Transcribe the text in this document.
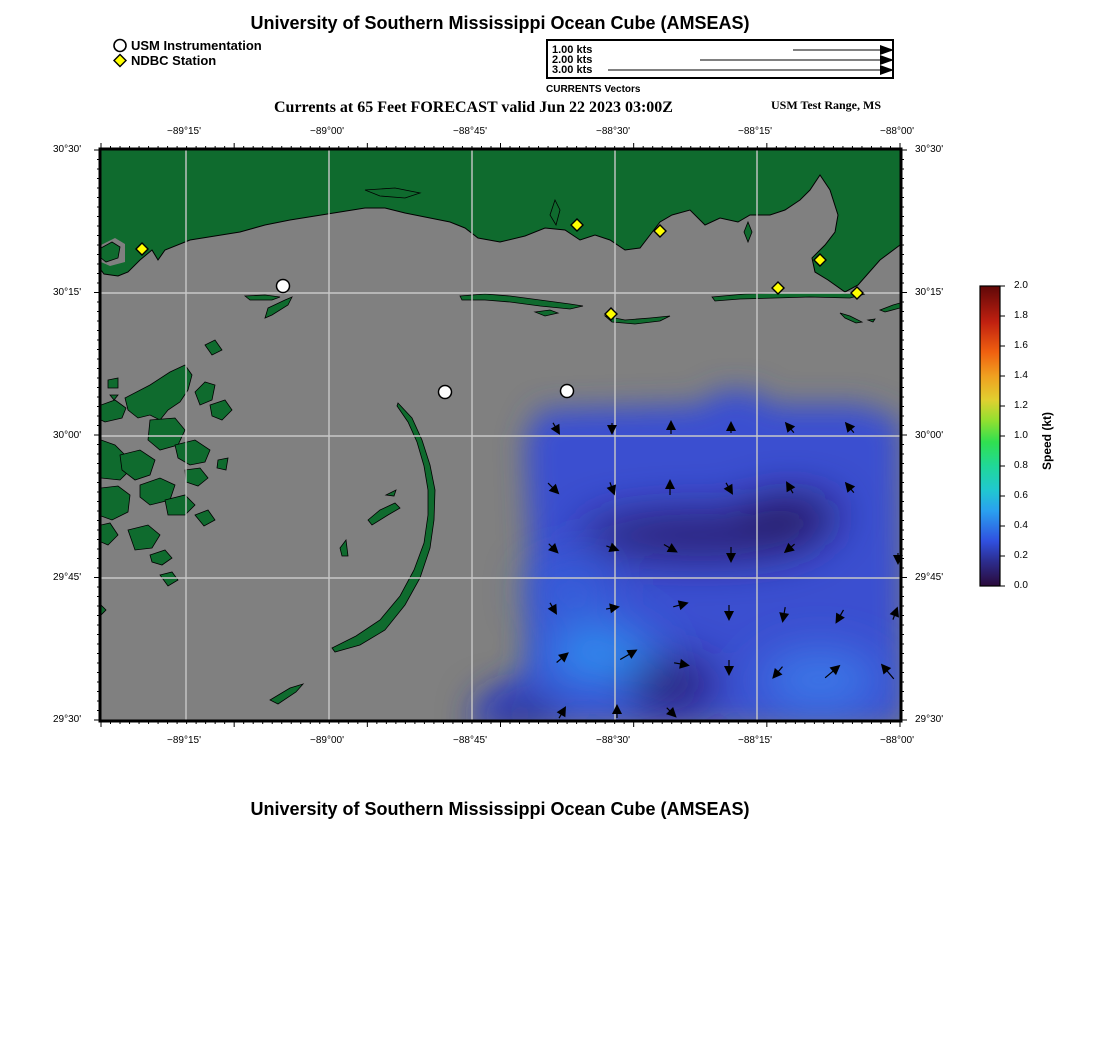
University of Southern Mississippi Ocean Cube (AMSEAS)
USM Instrumentation
NDBC Station
1.00 kts
2.00 kts
3.00 kts
CURRENTS Vectors
Currents at 65 Feet FORECAST valid Jun 22 2023 03:00Z	USM Test Range, MS
−89°15'	−89°00'	−88°45'	−88°30'	−88°15'	−88°00'
−89°15'	−89°00'	−88°45'	−88°30'	−88°15'	−88°00'
30°30'
30°15'
30°00'
29°45'
29°30'
30°30'
30°15'
30°00'
29°45'
29°30'
2.0
1.8
1.6
1.4
1.2
1.0
0.8
0.6
0.4
0.2
0.0
Speed (kt)
University of Southern Mississippi Ocean Cube (AMSEAS)
